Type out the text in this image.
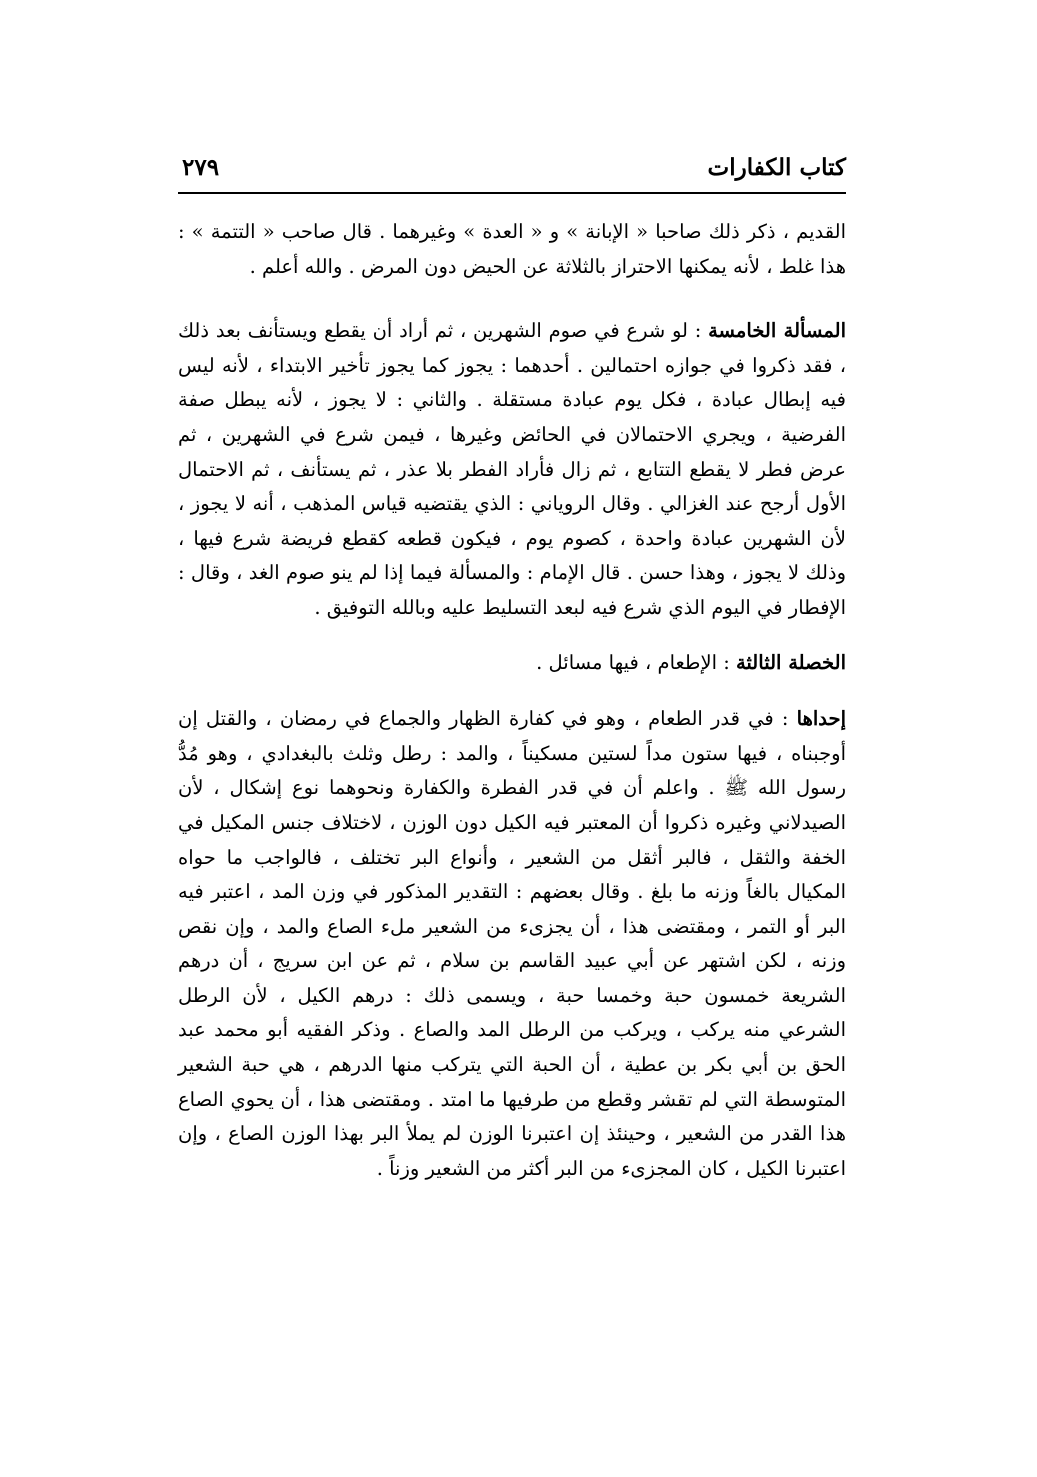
كتاب الكفارات
٢٧٩

القديم ، ذكر ذلك صاحبا « الإبانة » و « العدة » وغيرهما . قال صاحب « التتمة » : هذا غلط ، لأنه يمكنها الاحتراز بالثلاثة عن الحيض دون المرض . والله أعلم .

المسألة الخامسة : لو شرع في صوم الشهرين ، ثم أراد أن يقطع ويستأنف بعد ذلك ، فقد ذكروا في جوازه احتمالين . أحدهما : يجوز كما يجوز تأخير الابتداء ، لأنه ليس فيه إبطال عبادة ، فكل يوم عبادة مستقلة . والثاني : لا يجوز ، لأنه يبطل صفة الفرضية ، ويجري الاحتمالان في الحائض وغيرها ، فيمن شرع في الشهرين ، ثم عرض فطر لا يقطع التتابع ، ثم زال فأراد الفطر بلا عذر ، ثم يستأنف ، ثم الاحتمال الأول أرجح عند الغزالي . وقال الروياني : الذي يقتضيه قياس المذهب ، أنه لا يجوز ، لأن الشهرين عبادة واحدة ، كصوم يوم ، فيكون قطعه كقطع فريضة شرع فيها ، وذلك لا يجوز ، وهذا حسن . قال الإمام : والمسألة فيما إذا لم ينو صوم الغد ، وقال : الإفطار في اليوم الذي شرع فيه لبعد التسليط عليه وبالله التوفيق .

الخصلة الثالثة : الإطعام ، فيها مسائل .

إحداها : في قدر الطعام ، وهو في كفارة الظهار والجماع في رمضان ، والقتل إن أوجبناه ، فيها ستون مداً لستين مسكيناً ، والمد : رطل وثلث بالبغدادي ، وهو مُدُّ رسول الله ﷺ . واعلم أن في قدر الفطرة والكفارة ونحوهما نوع إشكال ، لأن الصيدلاني وغيره ذكروا أن المعتبر فيه الكيل دون الوزن ، لاختلاف جنس المكيل في الخفة والثقل ، فالبر أثقل من الشعير ، وأنواع البر تختلف ، فالواجب ما حواه المكيال بالغاً وزنه ما بلغ . وقال بعضهم : التقدير المذكور في وزن المد ، اعتبر فيه البر أو التمر ، ومقتضى هذا ، أن يجزىء من الشعير ملء الصاع والمد ، وإن نقص وزنه ، لكن اشتهر عن أبي عبيد القاسم بن سلام ، ثم عن ابن سريج ، أن درهم الشريعة خمسون حبة وخمسا حبة ، ويسمى ذلك : درهم الكيل ، لأن الرطل الشرعي منه يركب ، ويركب من الرطل المد والصاع . وذكر الفقيه أبو محمد عبد الحق بن أبي بكر بن عطية ، أن الحبة التي يتركب منها الدرهم ، هي حبة الشعير المتوسطة التي لم تقشر وقطع من طرفيها ما امتد . ومقتضى هذا ، أن يحوي الصاع هذا القدر من الشعير ، وحينئذ إن اعتبرنا الوزن لم يملأ البر بهذا الوزن الصاع ، وإن اعتبرنا الكيل ، كان المجزىء من البر أكثر من الشعير وزناً .
